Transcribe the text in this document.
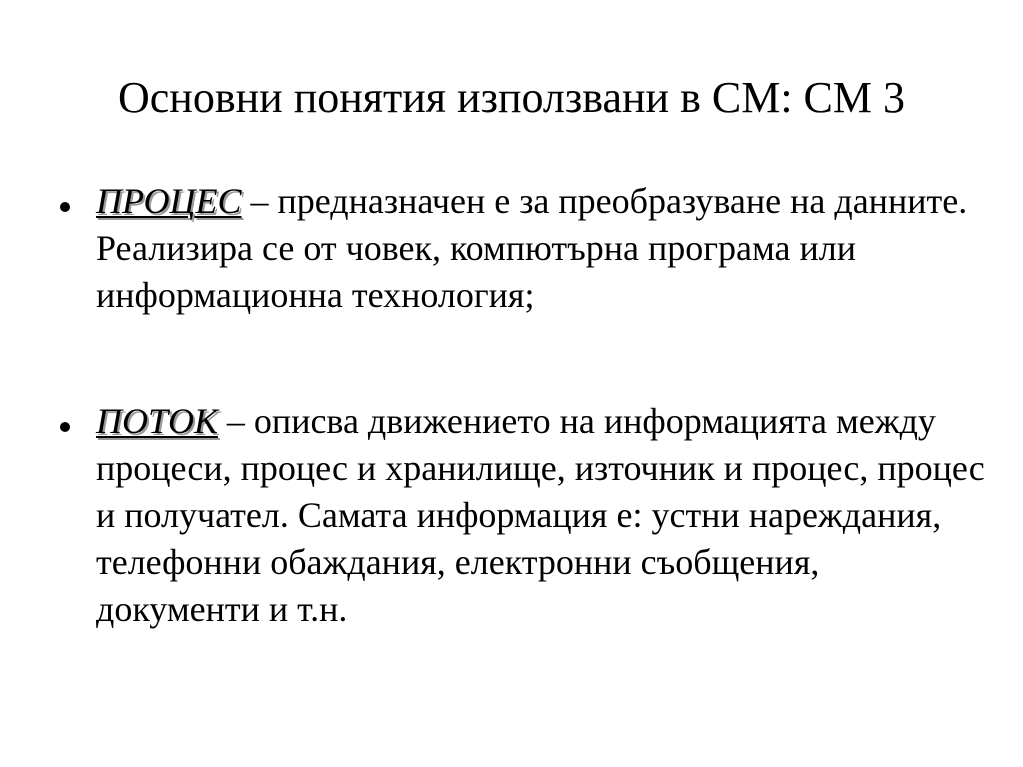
Основни понятия използвани в СМ: СМ 3
ПРОЦЕС – предназначен е за преобразуване на данните. Реализира се от човек, компютърна програма или информационна технология;
ПОТОК – описва движението на информацията между процеси, процес и хранилище, източник и процес, процес и получател. Самата информация е: устни нареждания, телефонни обаждания, електронни съобщения, документи и т.н.
